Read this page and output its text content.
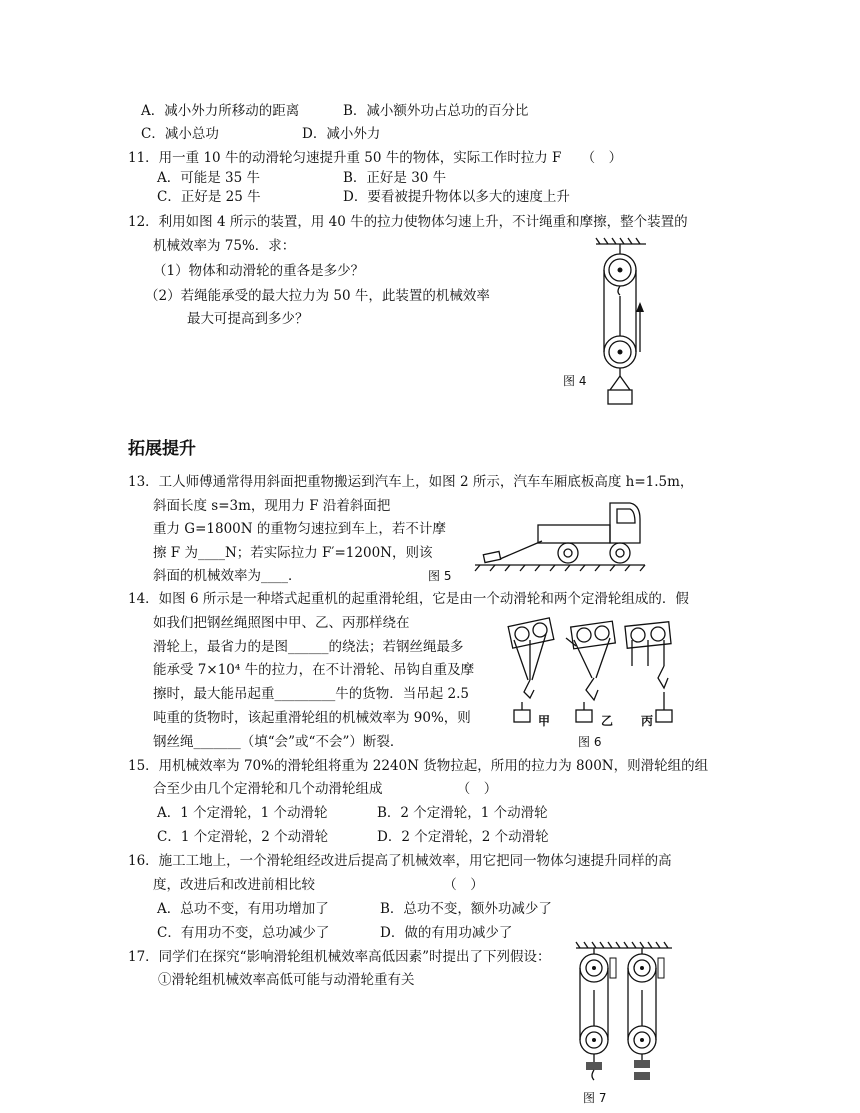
A．减小外力所移动的距离	B．减小额外功占总功的百分比
C．减小总功	D．减小外力
11．用一重 10 牛的动滑轮匀速提升重 50 牛的物体，实际工作时拉力 F　　（　）
A．可能是 35 牛	B．正好是 30 牛
C．正好是 25 牛	D．要看被提升物体以多大的速度上升
12．利用如图 4 所示的装置，用 40 牛的拉力使物体匀速上升，不计绳重和摩擦，整个装置的
机械效率为 75%．求：
（1）物体和动滑轮的重各是多少？
（2）若绳能承受的最大拉力为 50 牛，此装置的机械效率
最大可提高到多少？
图 4
拓展提升
13．工人师傅通常得用斜面把重物搬运到汽车上，如图 2 所示，汽车车厢底板高度 h=1.5m，
斜面长度 s=3m，现用力 F 沿着斜面把
重力 G=1800N 的重物匀速拉到车上，若不计摩
擦 F 为____N；若实际拉力 F′=1200N，则该
斜面的机械效率为____．	图 5
14．如图 6 所示是一种塔式起重机的起重滑轮组，它是由一个动滑轮和两个定滑轮组成的．假
如我们把钢丝绳照图中甲、乙、丙那样绕在
滑轮上，最省力的是图______的绕法；若钢丝绳最多
能承受 7×10⁴ 牛的拉力，在不计滑轮、吊钩自重及摩
擦时，最大能吊起重_________牛的货物．当吊起 2.5
吨重的货物时，该起重滑轮组的机械效率为 90%，则
钢丝绳_______（填“会”或“不会”）断裂．
甲	乙 丙
图 6
15．用机械效率为 70%的滑轮组将重为 2240N 货物拉起，所用的拉力为 800N，则滑轮组的组
合至少由几个定滑轮和几个动滑轮组成　　　　　　（　）
A．1 个定滑轮，1 个动滑轮	B．2 个定滑轮，1 个动滑轮
C．1 个定滑轮，2 个动滑轮	D．2 个定滑轮，2 个动滑轮
16．施工工地上，一个滑轮组经改进后提高了机械效率，用它把同一物体匀速提升同样的高
度，改进后和改进前相比较　　　　　　　　　　（　）
A．总功不变，有用功增加了	B．总功不变，额外功减少了
C．有用功不变，总功减少了	D．做的有用功减少了
17．同学们在探究“影响滑轮组机械效率高低因素”时提出了下列假设：
①滑轮组机械效率高低可能与动滑轮重有关
图 7
